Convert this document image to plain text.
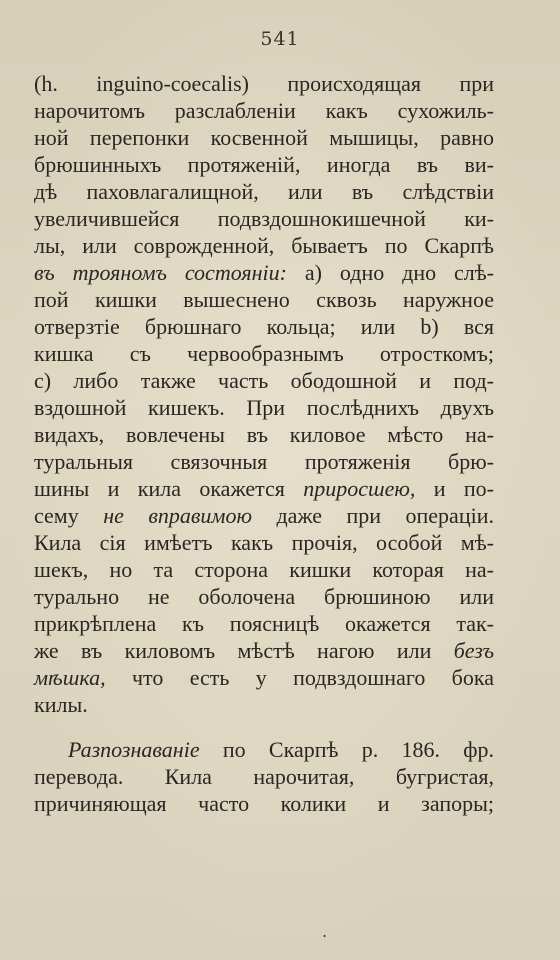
541
(h. inguino-coecalis) происходящая при
нарочитомъ разслабленіи какъ сухожиль-
ной перепонки косвенной мышицы, равно
брюшинныхъ протяженій, иногда въ ви-
дѣ паховлагалищной, или въ слѣдствіи
увеличившейся подвздошнокишечной ки-
лы, или соврожденной, бываетъ по Скарпѣ
въ трояномъ состояніи: a) одно дно слѣ-
пой кишки вышеснено сквозь наружное
отверзтіе брюшнаго кольца; или b) вся
кишка съ червообразнымъ отросткомъ;
c) либо также часть ободошной и под-
вздошной кишекъ. При послѣднихъ двухъ
видахъ, вовлечены въ киловое мѣсто на-
туральныя связочныя протяженія брю-
шины и кила окажется приросшею, и по-
сему не вправимою даже при операціи.
Кила сія имѣетъ какъ прочія, особой мѣ-
шекъ, но та сторона кишки которая на-
турально не оболочена брюшиною или
прикрѣплена къ поясницѣ окажется так-
же въ киловомъ мѣстѣ нагою или безъ
мѣшка, что есть у подвздошнаго бока
килы.
Разпознаваніе по Скарпѣ р. 186. фр.
перевода. Кила нарочитая, бугристая,
причиняющая часто колики и запоры;
.
